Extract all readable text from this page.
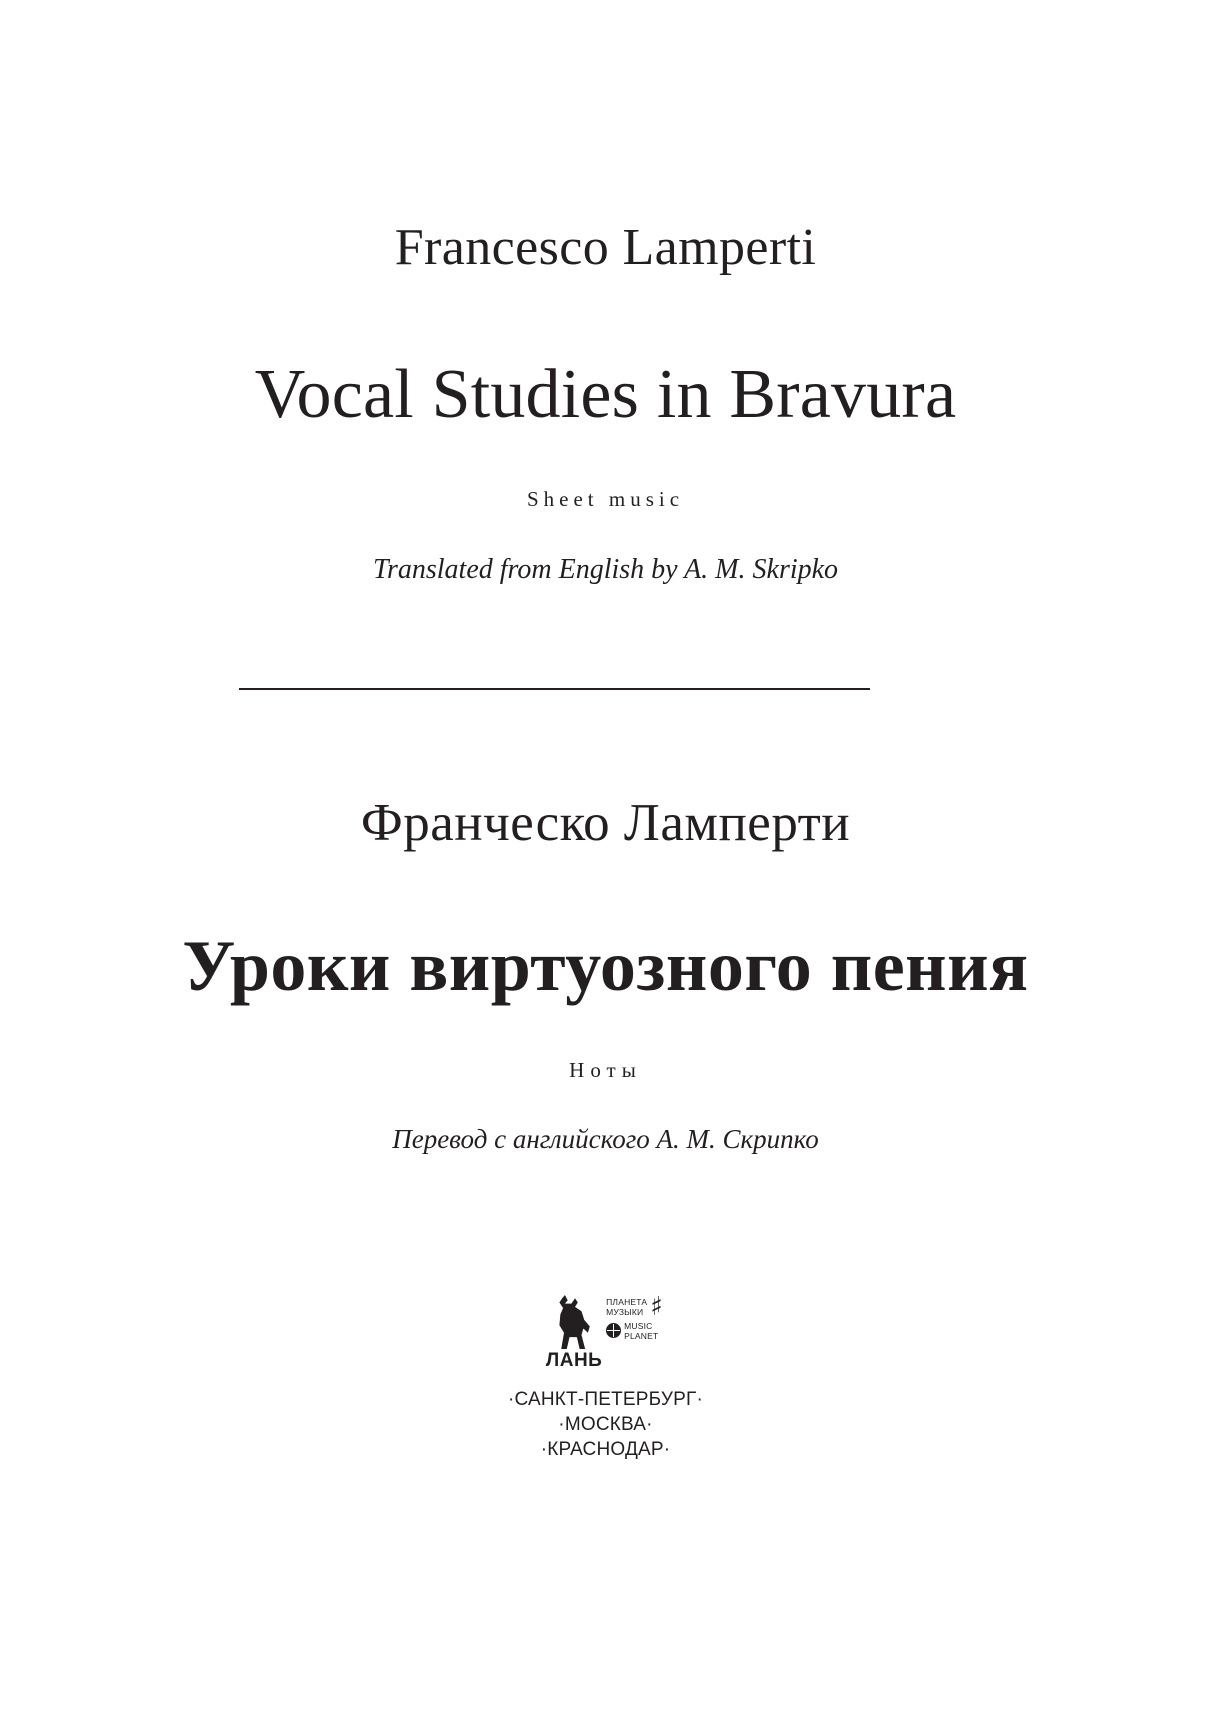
Francesco Lamperti
Vocal Studies in Bravura
Sheet music
Translated from English by A. M. Skripko
Франческо Ламперти
Уроки виртуозного пения
Ноты
Перевод с английского А. М. Скрипко
ЛАНЬ
ПЛАНЕТА
МУЗЫКИ ♯
MUSIC
PLANET
·САНКТ-ПЕТЕРБУРГ·
·МОСКВА·
·КРАСНОДАР·
